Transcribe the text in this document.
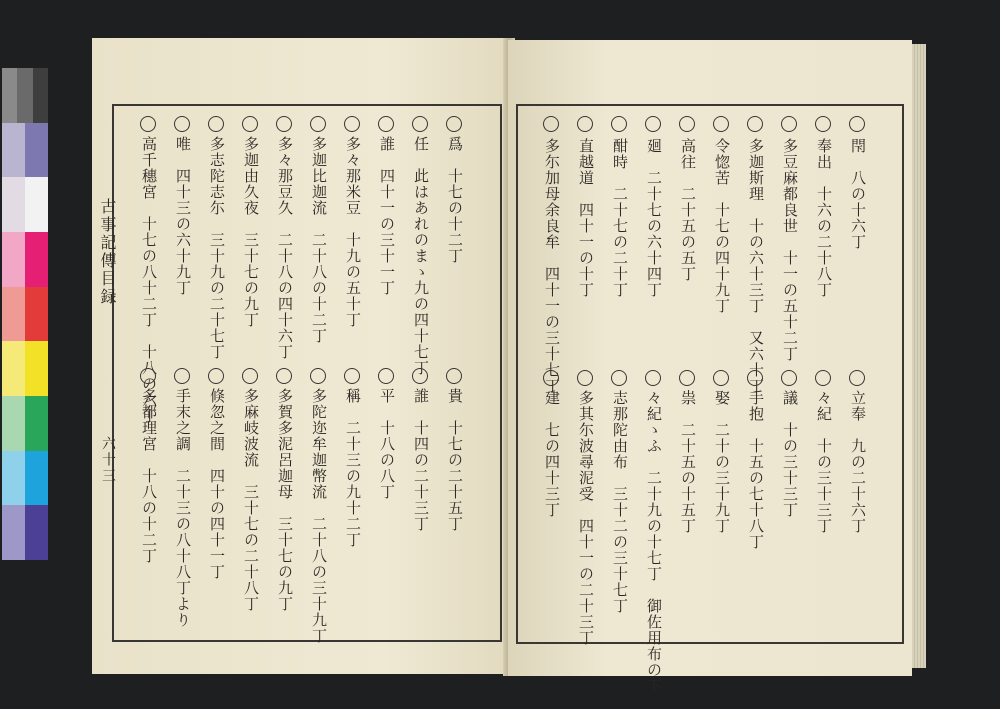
爲　十七の十二丁
任　此はあれのまゝ九の四十七丁
誰　四十一の三十一丁
多々那米豆　十九の五十丁
多迦比迦流　二十八の十二丁
多々那豆久　二十八の四十六丁
多迦由久夜　三十七の九丁
多志陀志尓　三十九の二十七丁
唯　四十三の六十九丁
高千穗宮　十七の八十二丁　十八の六丁
貴　十七の二十五丁
誰　十四の二十三丁
平　十八の八丁
稱　二十三の九十二丁
多陀迩牟迦幣流　二十八の三十九丁
多賀多泥呂迦母　三十七の九丁
多麻岐波流　三十七の二十八丁
倏忽之間　四十の四十一丁
手末之調　二十三の八十八丁より
多都理宮　十八の十二丁
古事記傳目録
六十三
閇　八の十六丁
奉出　十六の二十八丁
多豆麻都良世　十一の五十二丁
多迦斯理　十の六十三丁　又六十丁
令惚苦　十七の四十九丁
高往　二十五の五丁
廻　二十七の六十四丁
酣時　二十七の二十丁
直越道　四十一の十丁
多尓加母余良牟　四十一の三十七丁
立奉　九の二十六丁
々紀　十の三十三丁
議　十の三十三丁
手抱　十五の七十八丁
娶　二十の三十九丁
祟　二十五の十五丁
々紀ゝふ　二十九の十七丁　御佐用布の下
志那陀由布　三十二の三十七丁
多其尓波尋泥受　四十一の二十三丁
建　七の四十三丁
